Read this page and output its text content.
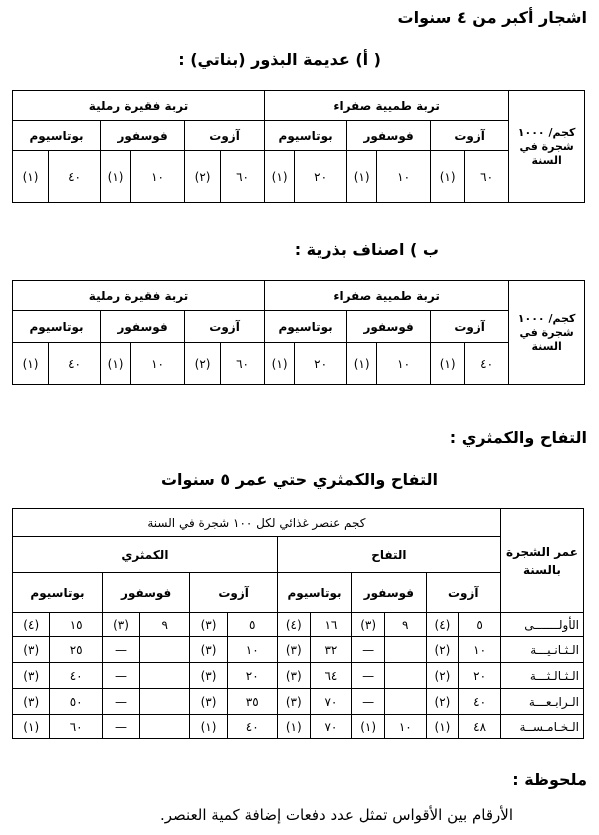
اشجار أكبر من ٤ سنوات
( أ) عديمة البذور (بناتي) :
كجم/ ١٠٠٠ شجرة في السنة	تربة طميية صفراء						تربة فقيرة رملية					
	آزوت		فوسفور		بوتاسيوم		آزوت		فوسفور		بوتاسيوم	
	٦٠	(١)	١٠	(١)	٢٠	(١)	٦٠	(٢)	١٠	(١)	٤٠	(١)
ب ) اصناف بذرية :
كجم/ ١٠٠٠ شجرة في السنة	تربة طميية صفراء						تربة فقيرة رملية					
	آزوت		فوسفور		بوتاسيوم		آزوت		فوسفور		بوتاسيوم	
	٤٠	(١)	١٠	(١)	٢٠	(١)	٦٠	(٢)	١٠	(١)	٤٠	(١)
التفاح والكمثري :
التفاح والكمثري حتي عمر ٥ سنوات
عمر الشجرة بالسنة	كجم عنصر غذائي لكل ١٠٠ شجرة في السنة											
	التفاح						الكمثري					
	آزوت		فوسفور		بوتاسيوم		آزوت		فوسفور		بوتاسيوم	
الأولـــــــى	٥	(٤)	٩	(٣)	١٦	(٤)	٥	(٣)	٩	(٣)	١٥	(٤)
الـثـانـيـــة	١٠	(٢)		—	٣٢	(٣)	١٠	(٣)		—	٢٥	(٣)
الـثـالـثـــة	٢٠	(٢)		—	٦٤	(٣)	٢٠	(٣)		—	٤٠	(٣)
الـرابـعـــة	٤٠	(٢)		—	٧٠	(٣)	٣٥	(٣)		—	٥٠	(٣)
الـخـامـســة	٤٨	(١)	١٠	(١)	٧٠	(١)	٤٠	(١)		—	٦٠	(١)
ملحوظة :
الأرقام بين الأقواس تمثل عدد دفعات إضافة كمية العنصر.
